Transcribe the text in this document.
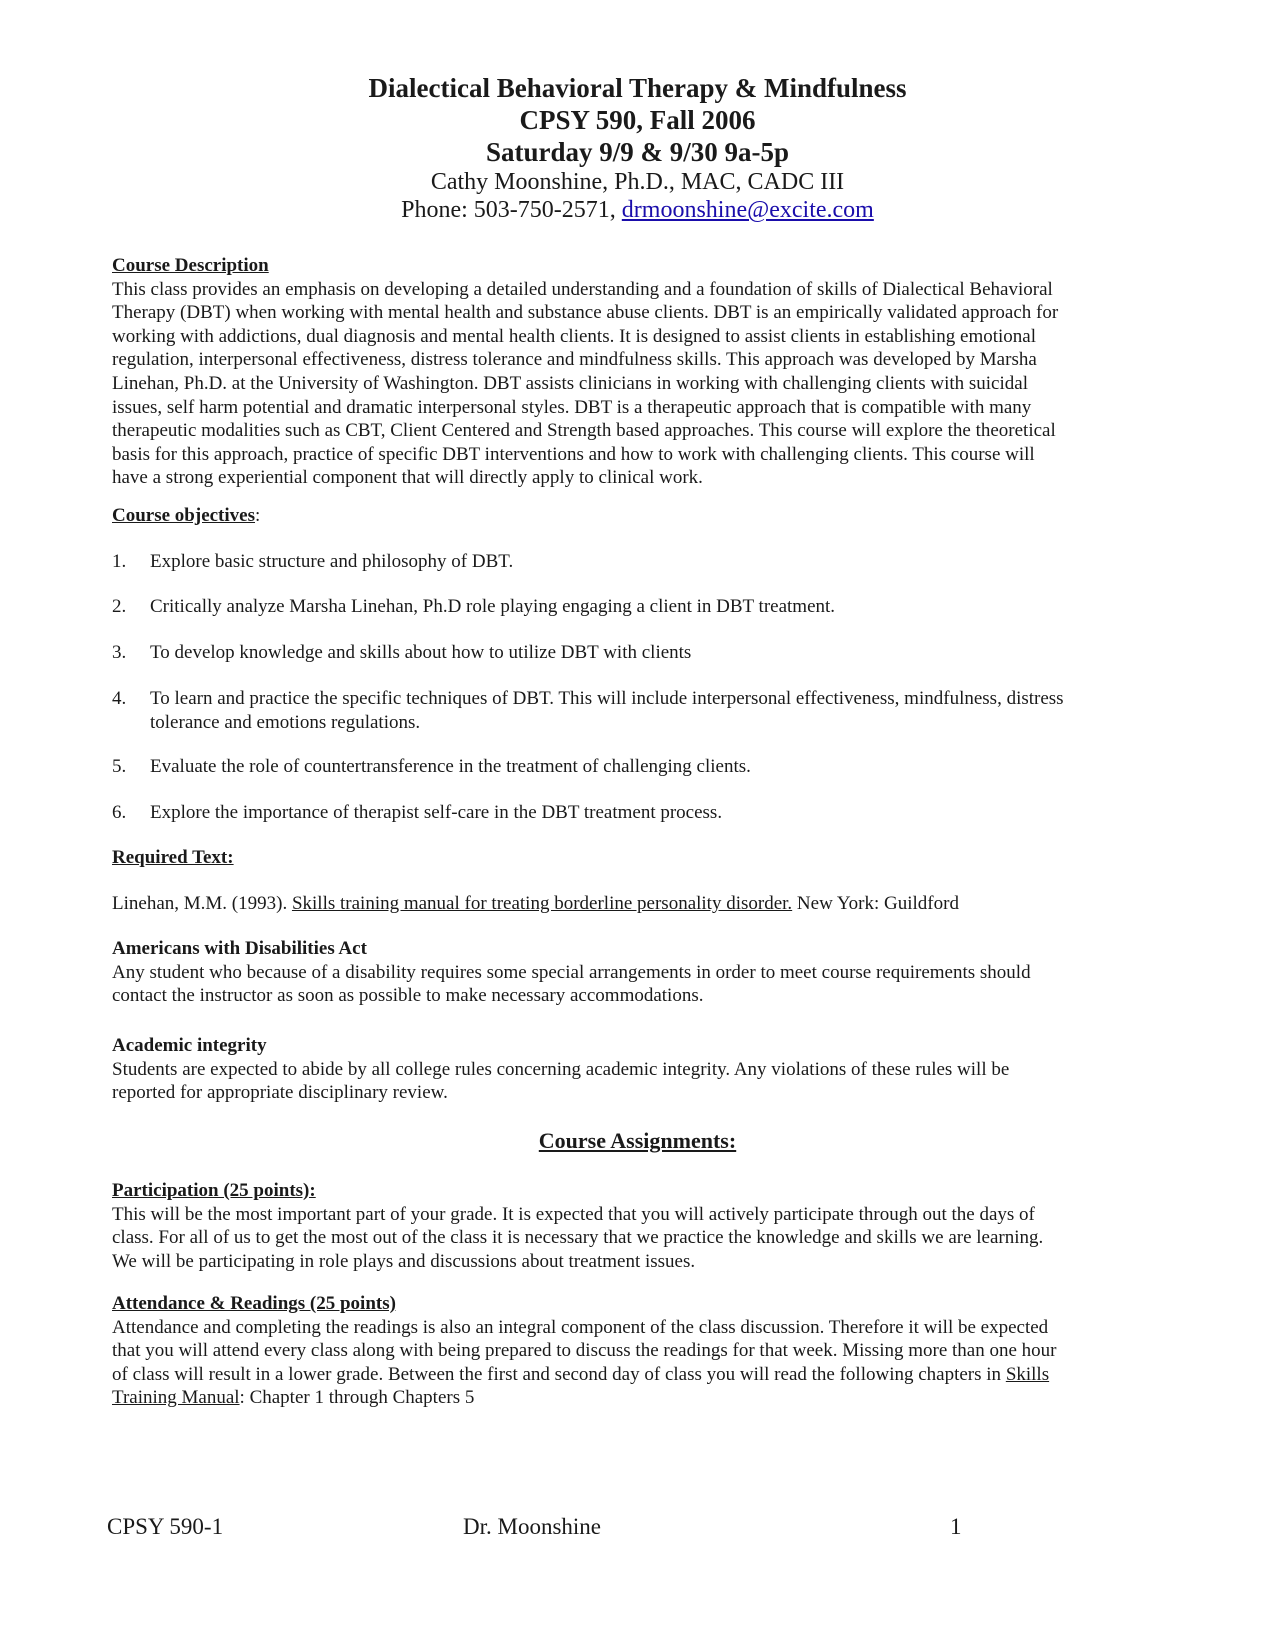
Dialectical Behavioral Therapy & Mindfulness
CPSY 590, Fall 2006
Saturday 9/9 & 9/30 9a-5p
Cathy Moonshine, Ph.D., MAC, CADC III
Phone: 503-750-2571, drmoonshine@excite.com
Course Description
This class provides an emphasis on developing a detailed understanding and a foundation of skills of Dialectical Behavioral
Therapy (DBT) when working with mental health and substance abuse clients. DBT is an empirically validated approach for
working with addictions, dual diagnosis and mental health clients. It is designed to assist clients in establishing emotional
regulation, interpersonal effectiveness, distress tolerance and mindfulness skills. This approach was developed by Marsha
Linehan, Ph.D. at the University of Washington. DBT assists clinicians in working with challenging clients with suicidal
issues, self harm potential and dramatic interpersonal styles. DBT is a therapeutic approach that is compatible with many
therapeutic modalities such as CBT, Client Centered and Strength based approaches. This course will explore the theoretical
basis for this approach, practice of specific DBT interventions and how to work with challenging clients. This course will
have a strong experiential component that will directly apply to clinical work.
Course objectives:
1. Explore basic structure and philosophy of DBT.
2. Critically analyze Marsha Linehan, Ph.D role playing engaging a client in DBT treatment.
3. To develop knowledge and skills about how to utilize DBT with clients
4. To learn and practice the specific techniques of DBT. This will include interpersonal effectiveness, mindfulness, distress
tolerance and emotions regulations.
5. Evaluate the role of countertransference in the treatment of challenging clients.
6. Explore the importance of therapist self-care in the DBT treatment process.
Required Text:
Linehan, M.M. (1993). Skills training manual for treating borderline personality disorder. New York: Guildford
Americans with Disabilities Act
Any student who because of a disability requires some special arrangements in order to meet course requirements should
contact the instructor as soon as possible to make necessary accommodations.
Academic integrity
Students are expected to abide by all college rules concerning academic integrity. Any violations of these rules will be
reported for appropriate disciplinary review.
Course Assignments:
Participation (25 points):
This will be the most important part of your grade. It is expected that you will actively participate through out the days of
class. For all of us to get the most out of the class it is necessary that we practice the knowledge and skills we are learning.
We will be participating in role plays and discussions about treatment issues.
Attendance & Readings (25 points)
Attendance and completing the readings is also an integral component of the class discussion. Therefore it will be expected
that you will attend every class along with being prepared to discuss the readings for that week. Missing more than one hour
of class will result in a lower grade. Between the first and second day of class you will read the following chapters in Skills
Training Manual: Chapter 1 through Chapters 5
CPSY 590-1	Dr. Moonshine	1
